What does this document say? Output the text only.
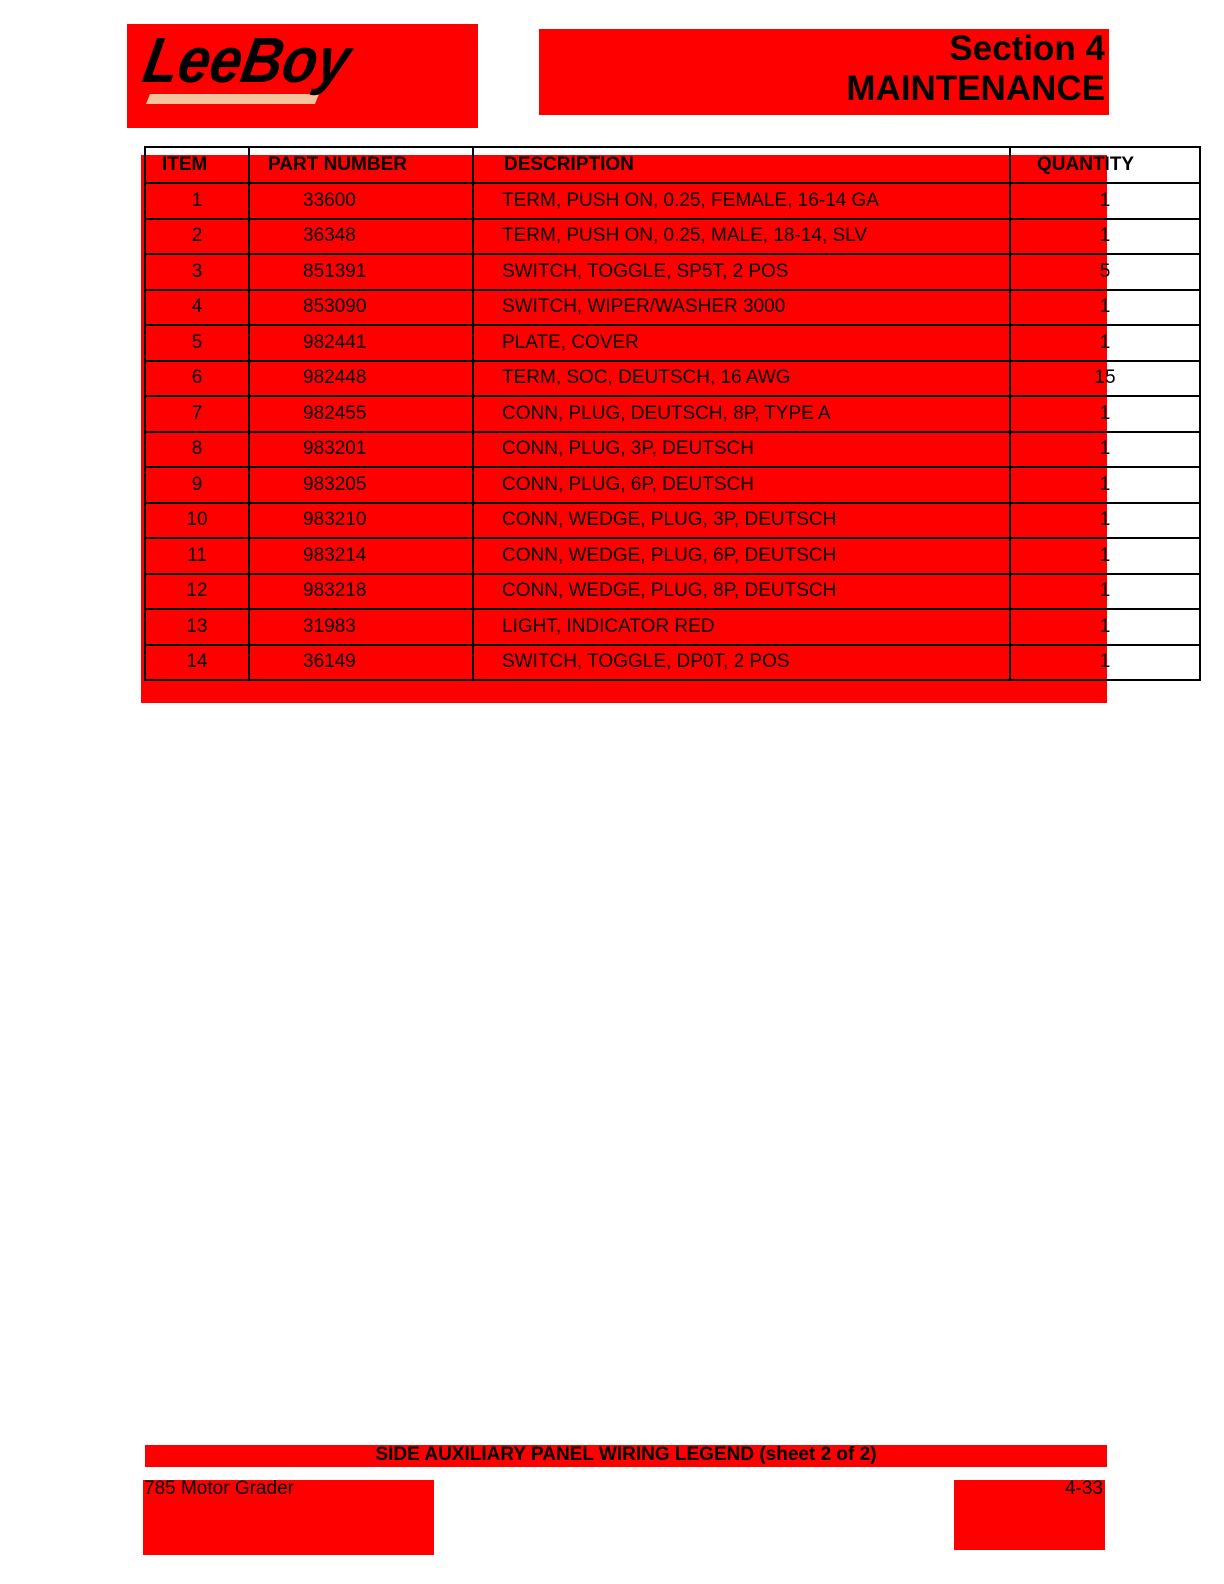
LeeBoy	Section 4
MAINTENANCE
ITEM	PART NUMBER	DESCRIPTION	QUANTITY
1	33600	TERM, PUSH ON, 0.25, FEMALE, 16-14 GA	1
2	36348	TERM, PUSH ON, 0.25, MALE, 18-14, SLV	1
3	851391	SWITCH, TOGGLE, SP5T, 2 POS	5
4	853090	SWITCH, WIPER/WASHER 3000	1
5	982441	PLATE, COVER	1
6	982448	TERM, SOC, DEUTSCH, 16 AWG	15
7	982455	CONN, PLUG, DEUTSCH, 8P, TYPE A	1
8	983201	CONN, PLUG, 3P, DEUTSCH	1
9	983205	CONN, PLUG, 6P, DEUTSCH	1
10	983210	CONN, WEDGE, PLUG, 3P, DEUTSCH	1
11	983214	CONN, WEDGE, PLUG, 6P, DEUTSCH	1
12	983218	CONN, WEDGE, PLUG, 8P, DEUTSCH	1
13	31983	LIGHT, INDICATOR RED	1
14	36149	SWITCH, TOGGLE, DP0T, 2 POS	1
SIDE AUXILIARY PANEL WIRING LEGEND (sheet 2 of 2)
785 Motor Grader	4-33
